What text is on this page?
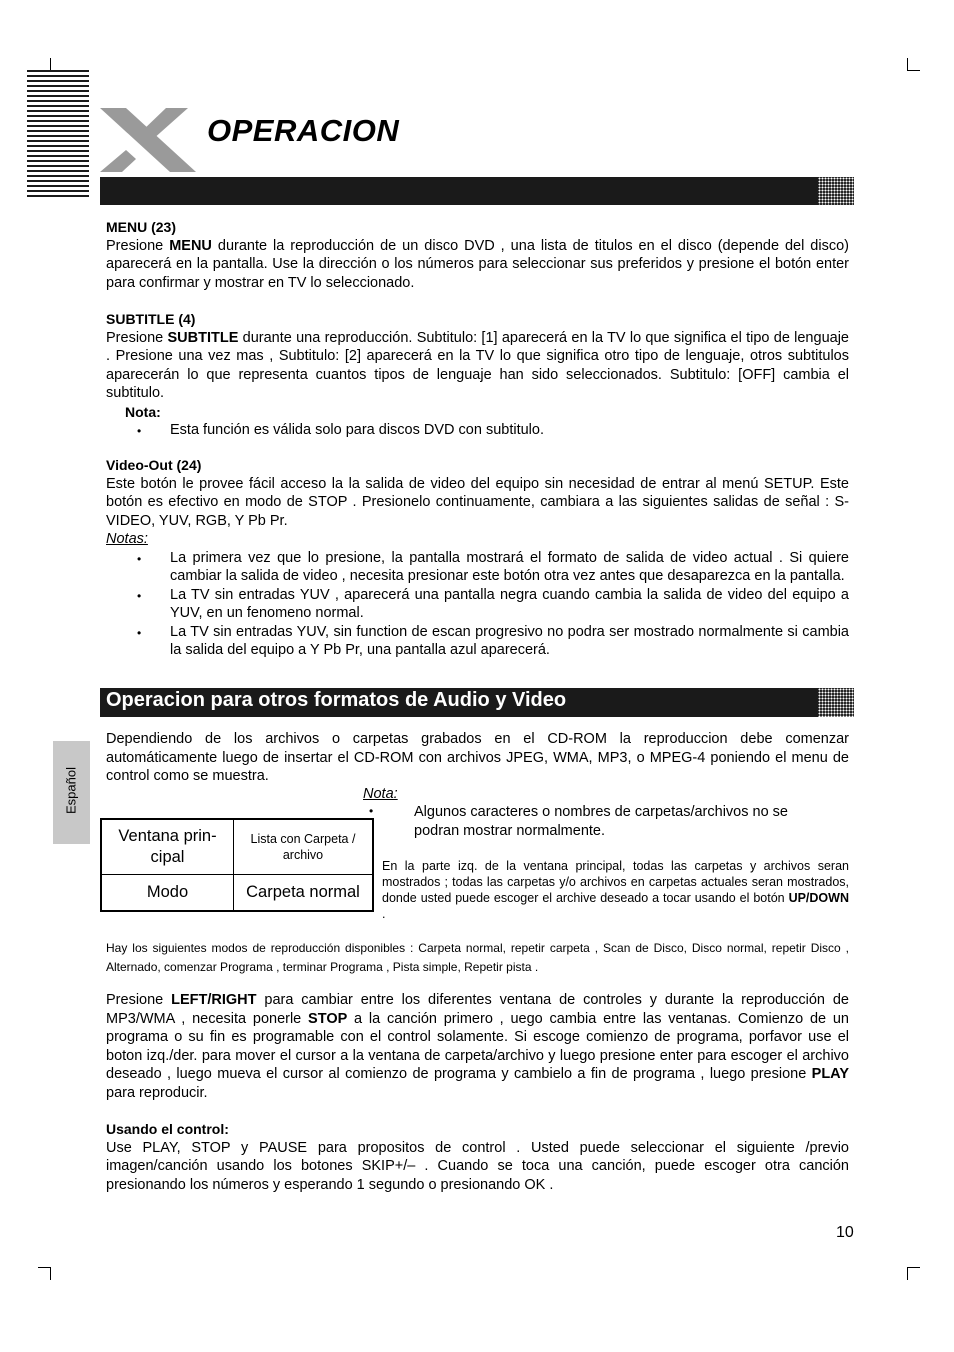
OPERACION

MENU (23)

Presione MENU durante la reproducción de un disco DVD , una lista de titulos en el disco (depende del disco) aparecerá en la pantalla. Use la dirección o los números para seleccionar sus preferidos y presione el botón enter para confirmar y mostrar en TV lo seleccionado.

SUBTITLE (4)

Presione SUBTITLE durante una reproducción. Subtitulo: [1] aparecerá en la TV lo que significa el tipo de lenguaje . Presione una vez mas , Subtitulo: [2] aparecerá en la TV lo que significa otro tipo de lenguaje, otros subtitulos aparecerán lo que representa cuantos tipos de lenguaje han sido seleccionados. Subtitulo: [OFF] cambia el subtitulo.

Nota:

• Esta función es válida solo para discos DVD con subtitulo.

Video-Out (24)

Este botón le provee fácil acceso la la salida de video del equipo sin necesidad de entrar al menú SETUP. Este botón es efectivo en modo de STOP . Presionelo continuamente, cambiara a las siguientes salidas de señal : S-VIDEO, YUV, RGB, Y Pb Pr.

Notas:

• La primera vez que lo presione, la pantalla mostrará el formato de salida de video actual . Si quiere cambiar la salida de video , necesita presionar este botón otra vez antes que desaparezca en la pantalla.

• La TV sin entradas YUV , aparecerá una pantalla negra cuando cambia la salida de video del equipo a YUV, en un fenomeno normal.

• La TV sin entradas YUV, sin function de escan progresivo no podra ser mostrado normalmente si cambia la salida del equipo a Y Pb Pr, una pantalla azul aparecerá.

Operacion para otros formatos de Audio y Video
Español

Dependiendo de los archivos o carpetas grabados en el CD-ROM la reproduccion debe comenzar automáticamente luego de insertar el CD-ROM con archivos JPEG, WMA, MP3, o MPEG-4 poniendo el menu de control como se muestra.

Nota:
•	Algunos caracteres o nombres de carpetas/archivos no se podran mostrar normalmente.
Ventana prin-cipal	Lista con Carpeta / archivo
Modo	Carpeta normal
En la parte izq. de la ventana principal, todas las carpetas y archivos seran mostrados ; todas las carpetas y/o archivos en carpetas actuales seran mostrados, donde usted puede escoger el archive deseado a tocar usando el botón UP/DOWN .

Hay los siguientes modos de reproducción disponibles : Carpeta normal, repetir carpeta , Scan de Disco, Disco normal, repetir Disco , Alternado, comenzar Programa , terminar Programa , Pista simple, Repetir pista .

Presione LEFT/RIGHT para cambiar entre los diferentes ventana de controles y durante la reproducción de MP3/WMA , necesita ponerle STOP a la canción primero , uego cambia entre las ventanas. Comienzo de un programa o su fin es programable con el control solamente. Si escoge comienzo de programa, porfavor use el boton izq./der. para mover el cursor a la ventana de carpeta/archivo y luego presione enter para escoger el archivo deseado , luego mueva el cursor al comienzo de programa y cambielo a fin de programa , luego presione PLAY para reproducir.

Usando el control:

Use PLAY, STOP y PAUSE para propositos de control . Usted puede seleccionar el siguiente /previo imagen/canción usando los botones SKIP+/– . Cuando se toca una canción, puede escoger otra canción presionando los números y esperando 1 segundo o presionando OK .

10
